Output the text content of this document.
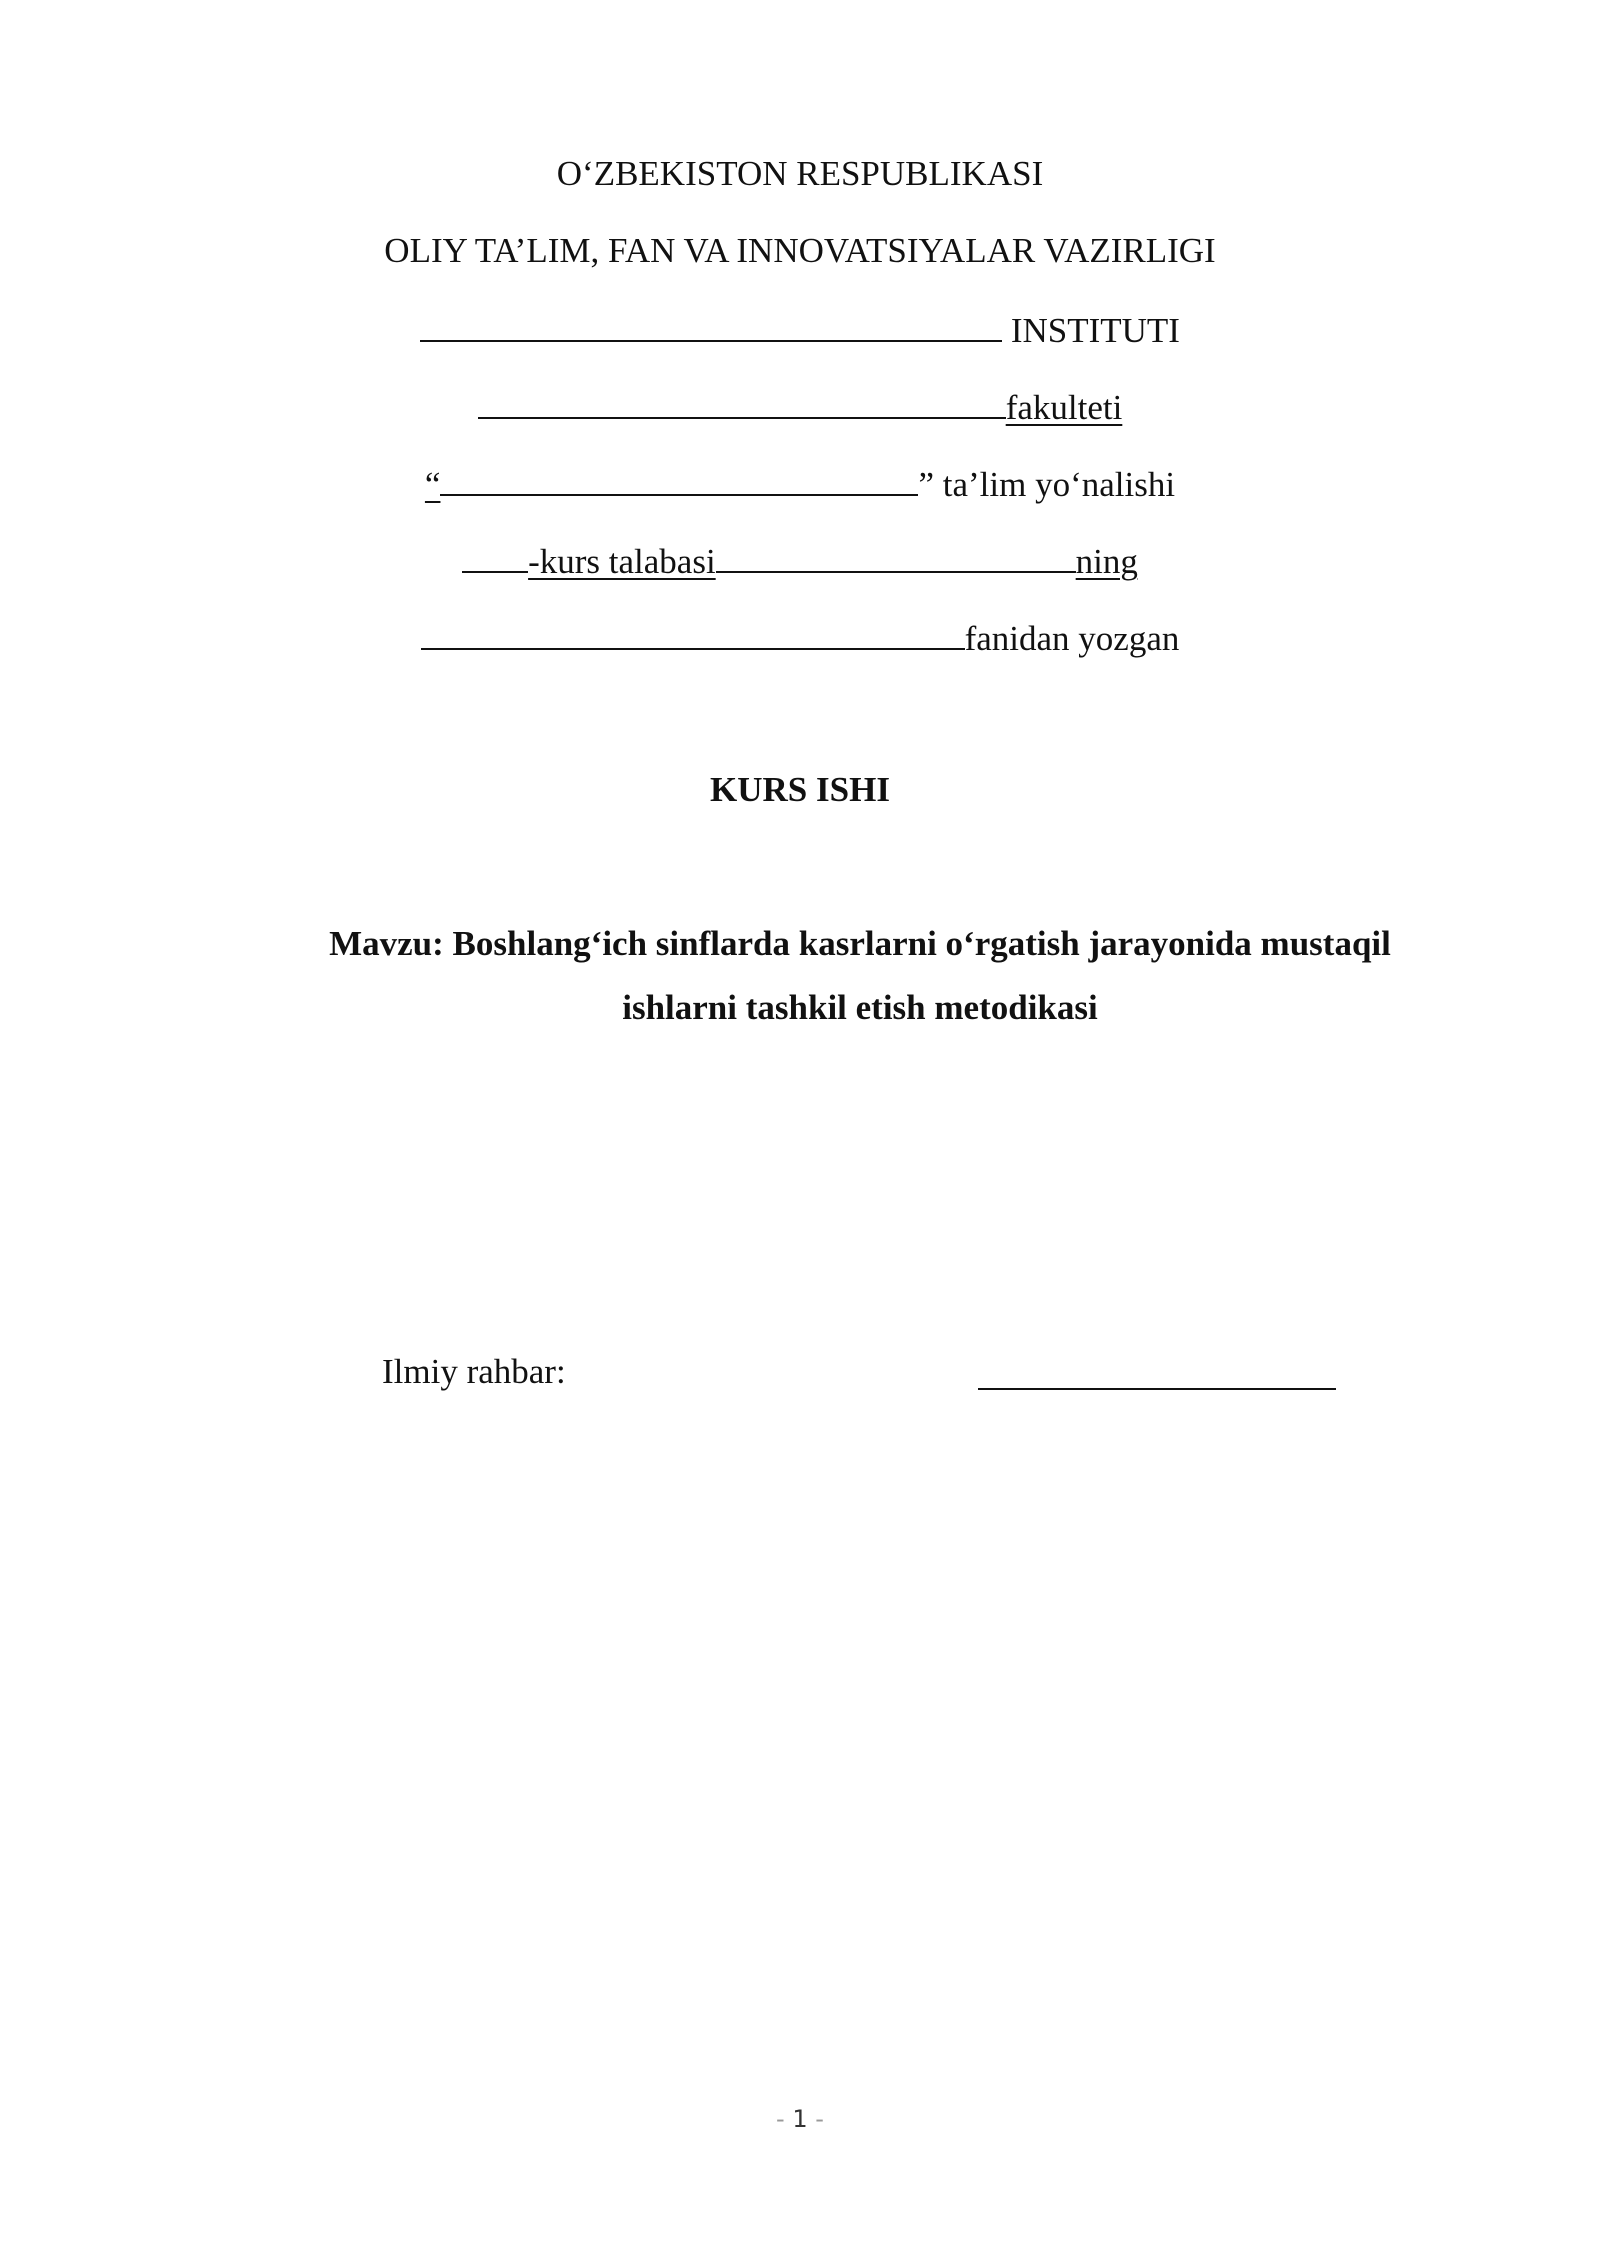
O‘ZBEKISTON RESPUBLIKASI
OLIY TA’LIM, FAN VA INNOVATSIYALAR VAZIRLIGI
INSTITUTI
fakulteti
“	” ta’lim yo‘nalishi
-kurs talabasi	ning
fanidan yozgan
KURS ISHI
Mavzu: Boshlang‘ich sinflarda kasrlarni o‘rgatish jarayonida mustaqil ishlarni tashkil etish metodikasi
Ilmiy rahbar:
- 1 -
